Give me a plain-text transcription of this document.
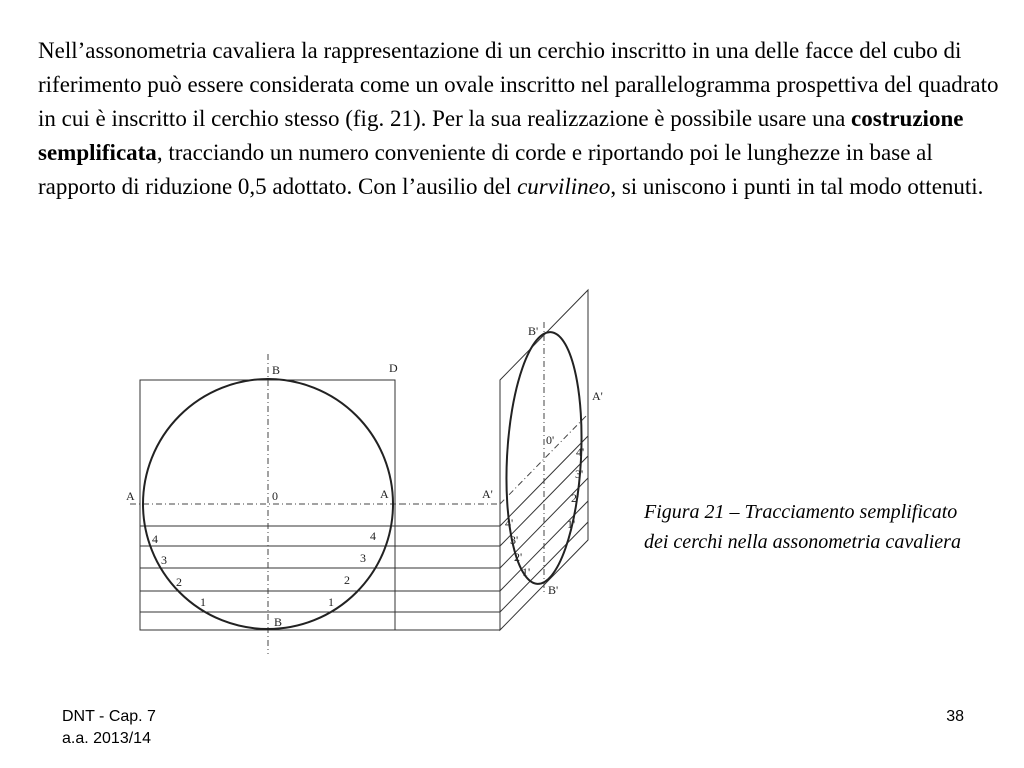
Nell’assonometria cavaliera la rappresentazione di un cerchio inscritto in una delle facce del cubo di riferimento può essere considerata come un ovale inscritto nel parallelogramma prospettiva del quadrato in cui è inscritto il cerchio stesso (fig. 21). Per la sua realizzazione è possibile usare una costruzione semplificata, tracciando un numero conveniente di corde e riportando poi le lunghezze in base al rapporto di riduzione 0,5 adottato. Con l’ausilio del curvilineo, si uniscono i punti in tal modo ottenuti.

B	D
A	0	A	A'
B
B'
A'
0'
B'
4
3
2
1
4
3
2
1
4'
3'
2'
1'
4'
3'
2'
1'

Figura 21 – Tracciamento semplificato dei cerchi nella assonometria cavaliera

DNT - Cap. 7
a.a. 2013/14
38
